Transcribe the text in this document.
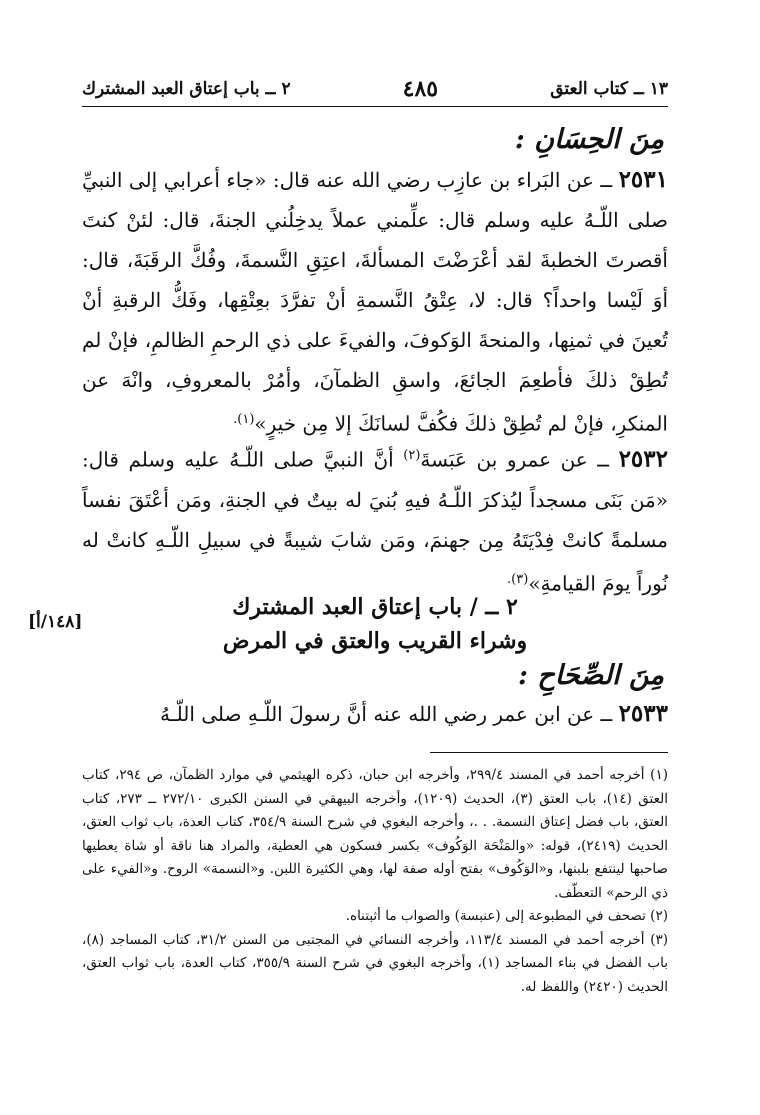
١٣ ــ كتاب العتق
٤٨٥
٢ ــ باب إعتاق العبد المشترك
مِنَ الحِسَانِ :
٢٥٣١ ــ عن البَراء بن عازِب رضي الله عنه قال: «جاء أعرابي إلى النبيِّ صلى اللّـهُ عليه وسلم قال: علِّمني عملاً يدخِلُني الجنةَ، قال: لئنْ كنتَ أقصرتَ الخطبةَ لقد أعْرَضْتَ المسألةَ، اعتِقِ النَّسمةَ، وفُكَّ الرقَبَةَ، قال: أوَ لَيْسا واحداً؟ قال: لا، عِتْقُ النَّسمةِ أنْ تفرَّدَ بعِتْقِها، وفَكُّ الرقبةِ أنْ تُعينَ في ثمنِها، والمنحةَ الوَكوفَ، والفيءَ على ذي الرحمِ الظالمِ، فإنْ لم تُطِقْ ذلكَ فأطعِمَ الجائعَ، واسقِ الظمآنَ، وأمُرْ بالمعروفِ، وانْهَ عن المنكرِ، فإنْ لم تُطِقْ ذلكَ فكُفَّ لسانَكَ إلا مِن خيرٍ»$^{(١).}$
٢٥٣٢ ــ عن عمرو بن عَبَسةَ$^{(٢)}$ أنَّ النبيَّ صلى اللّـهُ عليه وسلم قال: «مَن بَنَى مسجداً ليُذكرَ اللّـهُ فيهِ بُنيَ له بيتٌ في الجنةِ، ومَن أعْتَقَ نفساً مسلمةً كانتْ فِدْيَتَهُ مِن جهنمَ، ومَن شابَ شيبةً في سبيلِ اللّـهِ كانتْ له نُوراً يومَ القيامةِ»$^{(٣).}$
٢ ــ / باب إعتاق العبد المشترك
وشراء القريب والعتق في المرض
[١٤٨/أ]
مِنَ الصِّحَاحِ :
٢٥٣٣ ــ عن ابن عمر رضي الله عنه أنَّ رسولَ اللّـهِ صلى اللّـهُ

(١) أخرجه أحمد في المسند ٢٩٩/٤، وأخرجه ابن حبان، ذكره الهيثمي في موارد الظمآن، ص ٢٩٤، كتاب العتق (١٤)، باب العتق (٣)، الحديث (١٢٠٩)، وأخرجه البيهقي في السنن الكبرى ٢٧٢/١٠ ــ ٢٧٣، كتاب العتق، باب فضل إعتاق النسمة. . .، وأخرجه البغوي في شرح السنة ٣٥٤/٩، كتاب العدة، باب ثواب العتق، الحديث (٢٤١٩)، قوله: «والمَنْحَة الوَكُوف» بكسر فسكون هي العطية، والمراد هنا ناقة أو شاة يعطيها صاحبها لينتفع بلبنها، و«الوَكُوف» بفتح أوله صفة لها، وهي الكثيرة اللبن. و«النسمة» الروح. و«الفيء على ذي الرحم» التعطّف.

(٢) تصحف في المطبوعة إلى (عنبسة) والصواب ما أثبتناه.

(٣) أخرجه أحمد في المسند ١١٣/٤، وأخرجه النسائي في المجتبى من السنن ٣١/٢، كتاب المساجد (٨)، باب الفضل في بناء المساجد (١)، وأخرجه البغوي في شرح السنة ٣٥٥/٩، كتاب العدة، باب ثواب العتق، الحديث (٢٤٢٠) واللفظ له.
